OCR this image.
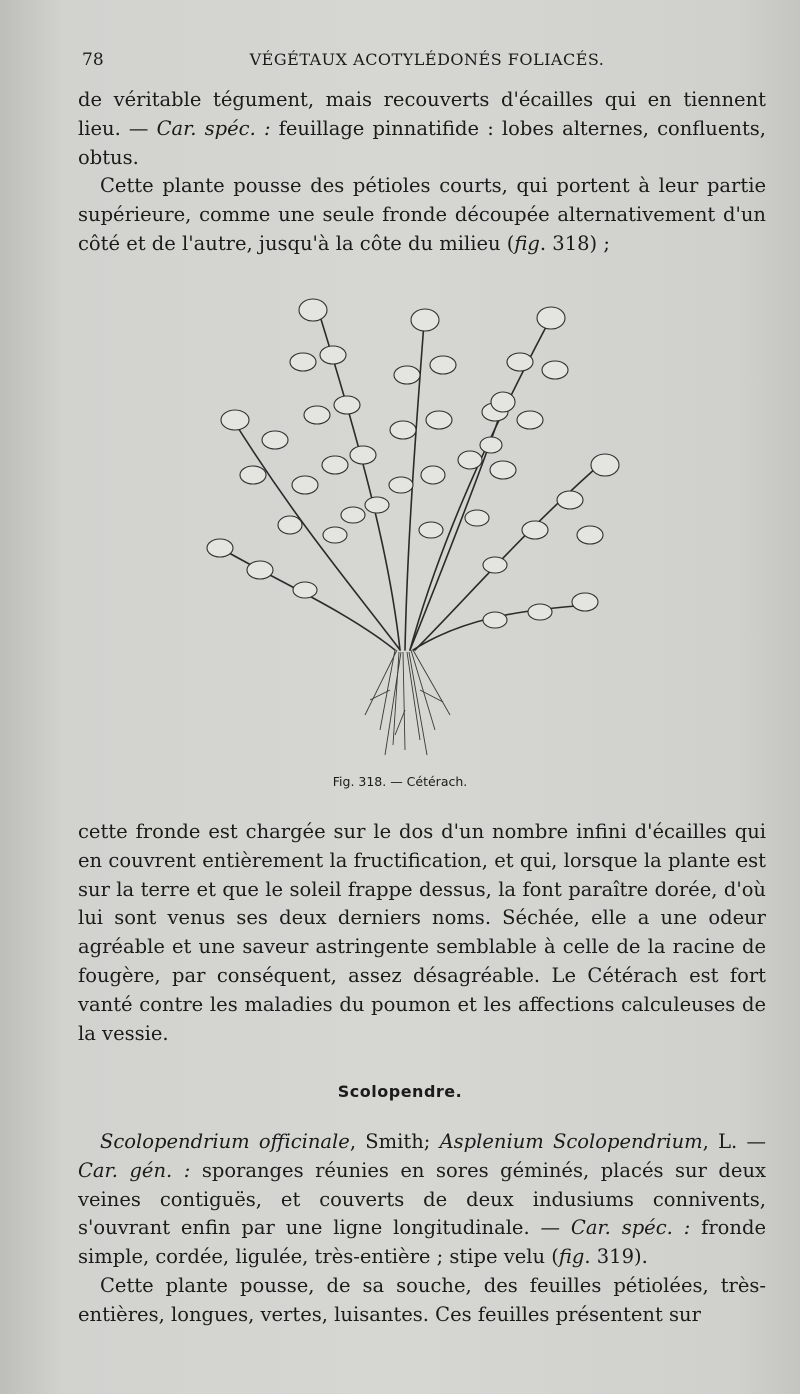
78	VÉGÉTAUX ACOTYLÉDONÉS FOLIACÉS.

de véritable tégument, mais recouverts d'écailles qui en tiennent lieu. — Car. spéc. : feuillage pinnatifide : lobes alternes, confluents, obtus.

Cette plante pousse des pétioles courts, qui portent à leur partie supérieure, comme une seule fronde découpée alternativement d'un côté et de l'autre, jusqu'à la côte du milieu (fig. 318) ;

Fig. 318. — Cétérach.

cette fronde est chargée sur le dos d'un nombre infini d'écailles qui en couvrent entièrement la fructification, et qui, lorsque la plante est sur la terre et que le soleil frappe dessus, la font paraître dorée, d'où lui sont venus ses deux derniers noms. Séchée, elle a une odeur agréable et une saveur astringente semblable à celle de la racine de fougère, par conséquent, assez désagréable. Le Cétérach est fort vanté contre les maladies du poumon et les affections calculeuses de la vessie.

Scolopendre.

Scolopendrium officinale, Smith; Asplenium Scolopendrium, L. — Car. gén. : sporanges réunies en sores géminés, placés sur deux veines contiguës, et couverts de deux indusiums connivents, s'ouvrant enfin par une ligne longitudinale. — Car. spéc. : fronde simple, cordée, ligulée, très-entière ; stipe velu (fig. 319).

Cette plante pousse, de sa souche, des feuilles pétiolées, très-entières, longues, vertes, luisantes. Ces feuilles présentent sur
